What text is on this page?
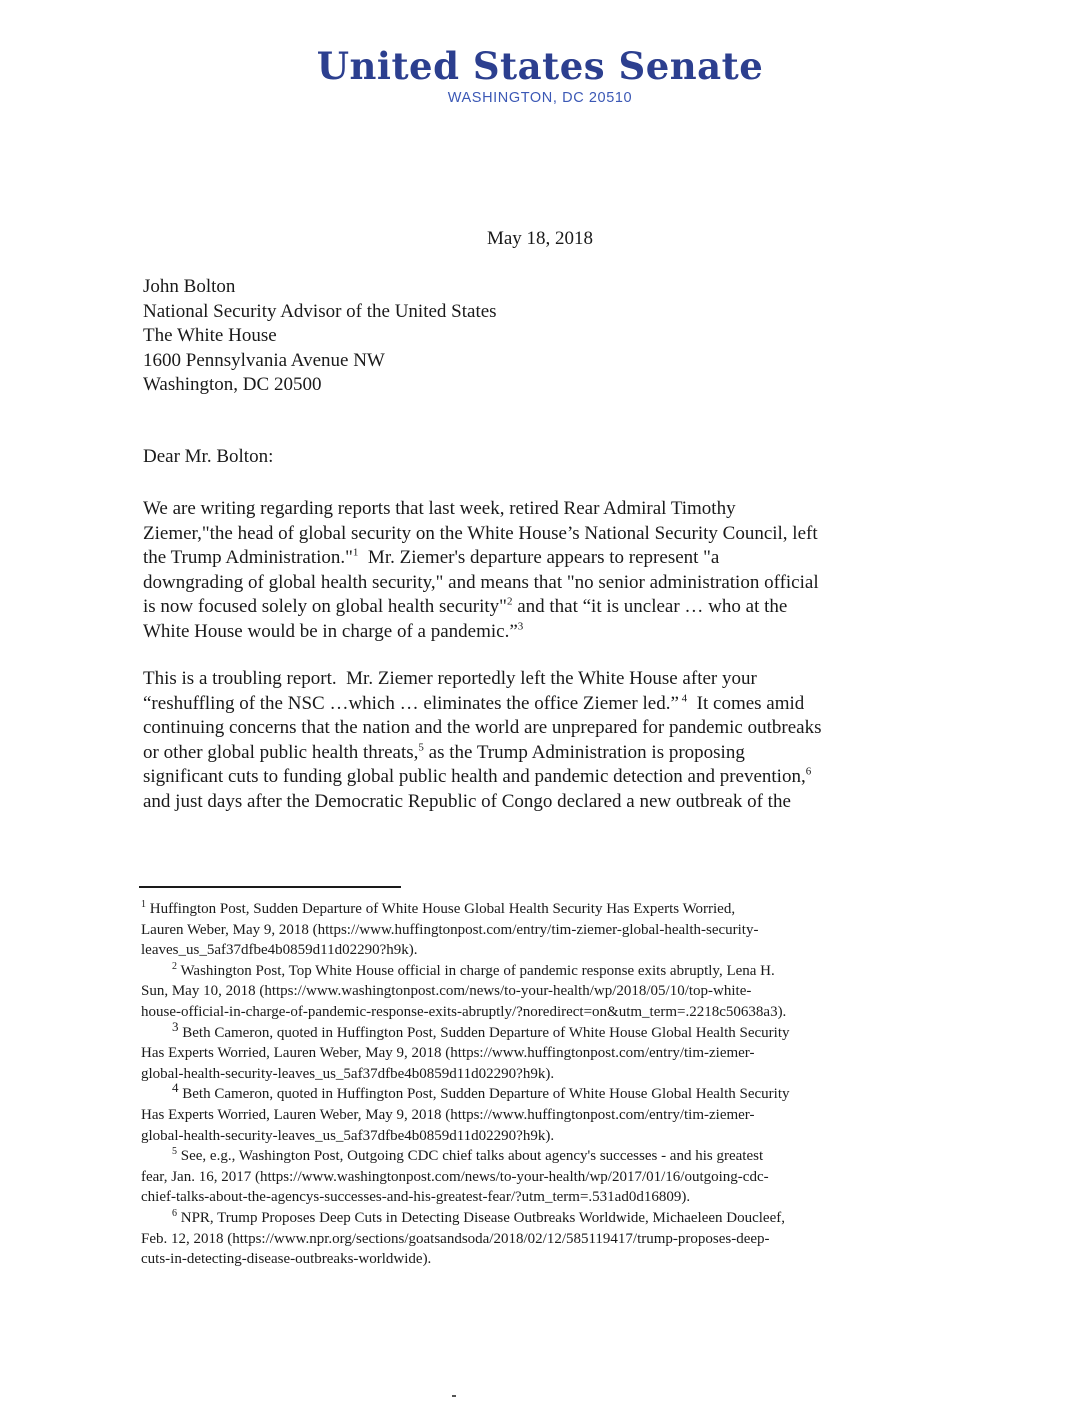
United States Senate
WASHINGTON, DC 20510
May 18, 2018
John Bolton
National Security Advisor of the United States
The White House
1600 Pennsylvania Avenue NW
Washington, DC 20500
Dear Mr. Bolton:
We are writing regarding reports that last week, retired Rear Admiral Timothy
Ziemer,"the head of global security on the White House’s National Security Council, left
the Trump Administration."$^1$  Mr. Ziemer's departure appears to represent "a
downgrading of global health security," and means that "no senior administration official
is now focused solely on global health security"$^2$ and that “it is unclear … who at the
White House would be in charge of a pandemic.”$^3$
This is a troubling report.  Mr. Ziemer reportedly left the White House after your
“reshuffling of the NSC …which … eliminates the office Ziemer led.” $^4$  It comes amid
continuing concerns that the nation and the world are unprepared for pandemic outbreaks
or other global public health threats,$^5$ as the Trump Administration is proposing
significant cuts to funding global public health and pandemic detection and prevention,$^6$
and just days after the Democratic Republic of Congo declared a new outbreak of the
$^1$ Huffington Post, Sudden Departure of White House Global Health Security Has Experts Worried,
Lauren Weber, May 9, 2018 (https://www.huffingtonpost.com/entry/tim-ziemer-global-health-security-
leaves_us_5af37dfbe4b0859d11d02290?h9k).
$^2$ Washington Post, Top White House official in charge of pandemic response exits abruptly, Lena H.
Sun, May 10, 2018 (https://www.washingtonpost.com/news/to-your-health/wp/2018/05/10/top-white-
house-official-in-charge-of-pandemic-response-exits-abruptly/?noredirect=on&utm_term=.2218c50638a3).
$^3$ Beth Cameron, quoted in Huffington Post, Sudden Departure of White House Global Health Security
Has Experts Worried, Lauren Weber, May 9, 2018 (https://www.huffingtonpost.com/entry/tim-ziemer-
global-health-security-leaves_us_5af37dfbe4b0859d11d02290?h9k).
$^4$ Beth Cameron, quoted in Huffington Post, Sudden Departure of White House Global Health Security
Has Experts Worried, Lauren Weber, May 9, 2018 (https://www.huffingtonpost.com/entry/tim-ziemer-
global-health-security-leaves_us_5af37dfbe4b0859d11d02290?h9k).
$^5$ See, e.g., Washington Post, Outgoing CDC chief talks about agency's successes - and his greatest
fear, Jan. 16, 2017 (https://www.washingtonpost.com/news/to-your-health/wp/2017/01/16/outgoing-cdc-
chief-talks-about-the-agencys-successes-and-his-greatest-fear/?utm_term=.531ad0d16809).
$^6$ NPR, Trump Proposes Deep Cuts in Detecting Disease Outbreaks Worldwide, Michaeleen Doucleef,
Feb. 12, 2018 (https://www.npr.org/sections/goatsandsoda/2018/02/12/585119417/trump-proposes-deep-
cuts-in-detecting-disease-outbreaks-worldwide).
